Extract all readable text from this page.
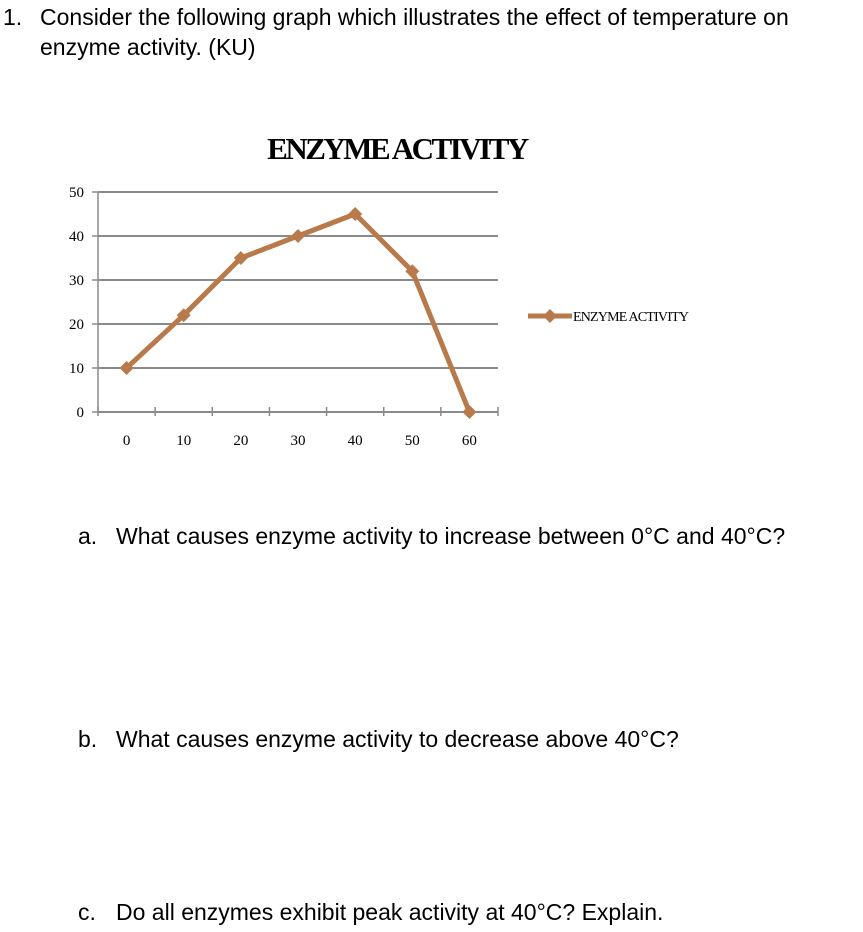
1. Consider the following graph which illustrates the effect of temperature on
enzyme activity. (KU)
ENZYME ACTIVITY
0
10
20
30
40
50
0	10	20	30	40	50	60
ENZYME ACTIVITY
a. What causes enzyme activity to increase between 0°C and 40°C?
b. What causes enzyme activity to decrease above 40°C?
c. Do all enzymes exhibit peak activity at 40°C? Explain.
